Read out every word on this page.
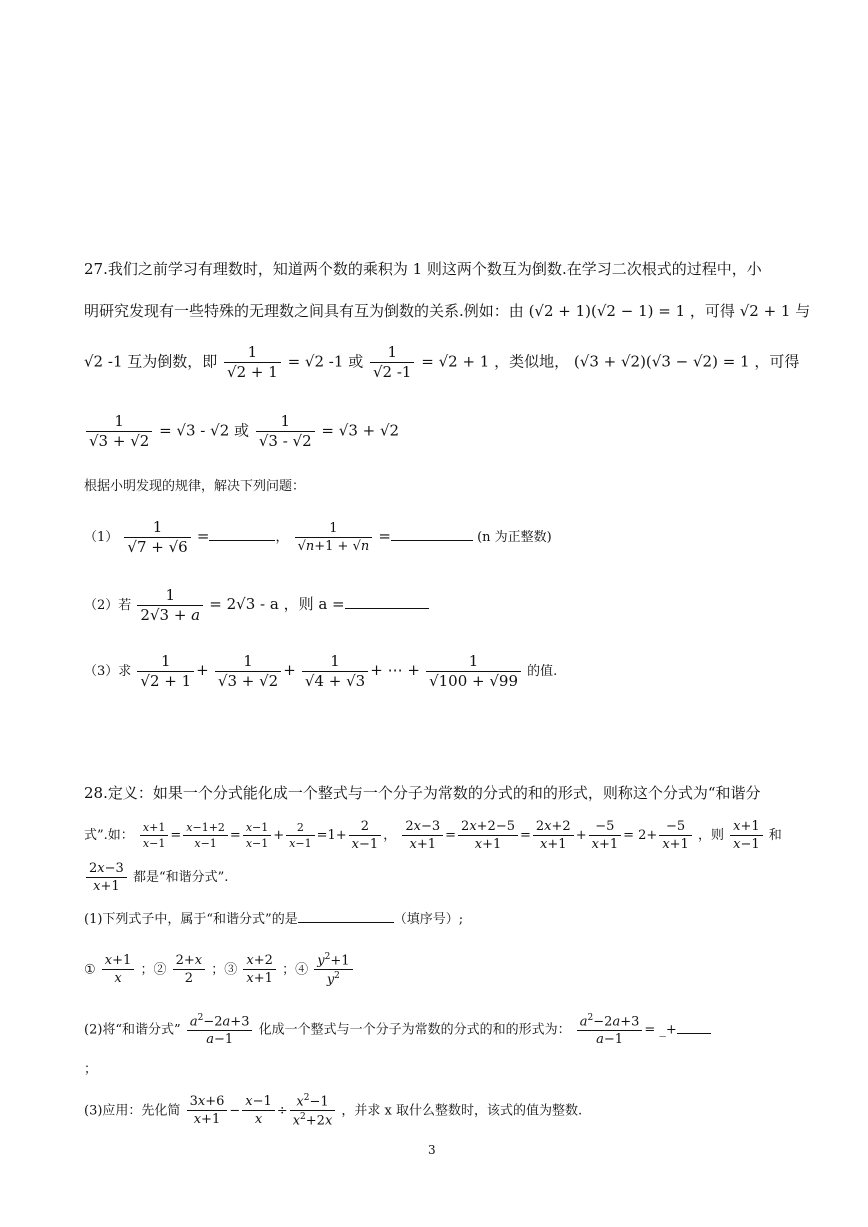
27.我们之前学习有理数时，知道两个数的乘积为 1 则这两个数互为倒数.在学习二次根式的过程中，小
明研究发现有一些特殊的无理数之间具有互为倒数的关系.例如：由 (√2 + 1)(√2 − 1) = 1 ，可得 √2 + 1 与
√2 -1 互为倒数，即 $\frac{1}{√2 + 1} = √2$ -1 或 $\frac{1}{√2 -1} = √2 + 1$ ，类似地， (√3 + √2)(√3 − √2) = 1 ，可得
$\frac{1}{√3 + √2} = √3 - √2$ 或 $\frac{1}{√3 - √2} = √3 + √2$
根据小明发现的规律，解决下列问题：
$(1) \frac{1}{√7 + √6}$ =	， $\frac{1}{√n+1 + √n}$ =	(n 为正整数)
（2）若 $\frac{1}{2√3 + a} = 2√3 - a$ ，则 a =
（3）求 $\frac{1}{√2 + 1} + \frac{1}{√3 + √2} + \frac{1}{√4 + √3}$ + ⋯ + $\frac{1}{√100 + √99}$ 的值.
28.定义：如果一个分式能化成一个整式与一个分子为常数的分式的和的形式，则称这个分式为“和谐分
式”.如： $\frac{x+1}{x-1} = \frac{x-1+2}{x-1} = \frac{x-1}{x-1} + \frac{2}{x-1} =1+ \frac{2}{x-1}$ ， $\frac{2x-3}{x+1} = \frac{2x+2-5}{x+1} = \frac{2x+2}{x+1} + \frac{-5}{x+1} = 2+ \frac{-5}{x+1}$ ，则 $\frac{x+1}{x-1}$ 和
$\frac{2x-3}{x+1}$ 都是“和谐分式”.
(1)下列式子中，属于“和谐分式”的是	（填序号）;
① $\frac{x+1}{x}$ ；② $\frac{2+x}{2}$ ；③ $\frac{x+2}{x+1}$ ；④ $\frac{y^2+1}{y^2}$
(2)将“和谐分式” $\frac{a^2-2a+3}{a-1}$ 化成一个整式与一个分子为常数的分式的和的形式为： $\frac{a^2-2a+3}{a-1}$ = _+
；
(3)应用：先化简 $\frac{3x+6}{x+1} - \frac{x-1}{x} \div \frac{x^2-1}{x^2+2x}$ ，并求 x 取什么整数时，该式的值为整数.
3
